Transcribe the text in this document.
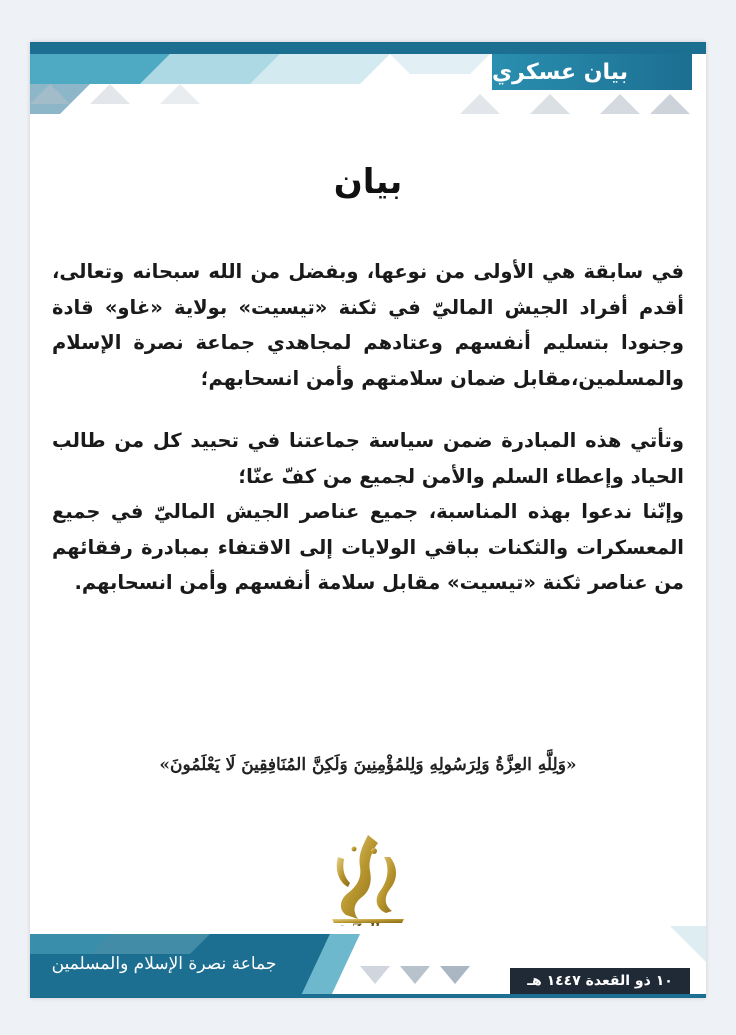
بيان عسكري
بيان

في سابقة هي الأولى من نوعها، وبفضل من الله سبحانه وتعالى، أقدم أفراد الجيش الماليّ في ثكنة «تيسيت» بولاية «غاو» قادة وجنودا بتسليم أنفسهم وعتادهم لمجاهدي جماعة نصرة الإسلام والمسلمين،مقابل ضمان سلامتهم وأمن انسحابهم؛

وتأتي هذه المبادرة ضمن سياسة جماعتنا في تحييد كل من طالب الحياد وإعطاء السلم والأمن لجميع من كفّ عنّا؛

وإنّنا ندعوا بهذه المناسبة، جميع عناصر الجيش الماليّ في جميع المعسكرات والثكنات بباقي الولايات إلى الاقتفاء بمبادرة رفقائهم من عناصر ثكنة «تيسيت» مقابل سلامة أنفسهم وأمن انسحابهم.

«وَلِلَّهِ العِزَّةُ وَلِرَسُولِهِ وَلِلمُؤْمِنِينَ وَلَكِنَّ المُنَافِقِينَ لَا يَعْلَمُونَ»
جماعة نصرة الإسلام والمسلمين
١٠ ذو القعدة ١٤٤٧ هـ
